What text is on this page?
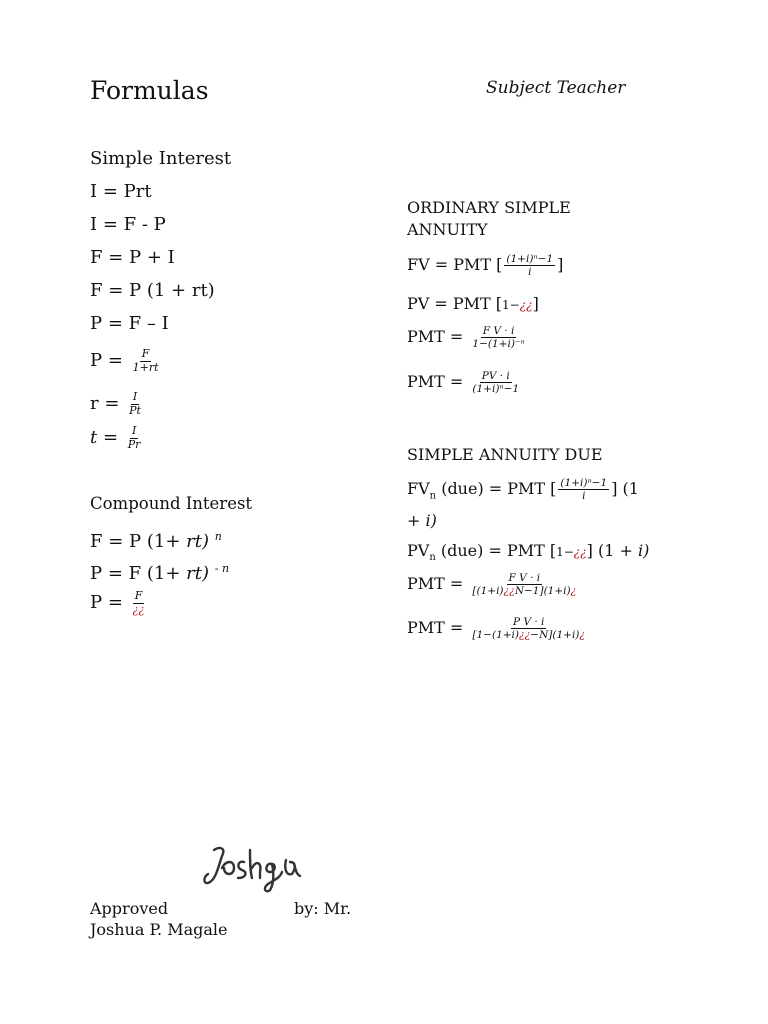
Formulas	Subject Teacher
Simple Interest
I = Prt
I = F - P
F = P + I
F = P (1 + rt)
P = F – I
$P = \frac{F}{1+rt}$
$r = \frac{I}{Pt}$
$t = \frac{I}{Pr}$
Compound Interest
F = P (1+ rt) $^n$
P = F (1+ rt) $^{- n}$
$P = \frac{F}{¿¿}$
ORDINARY SIMPLE
ANNUITY
FV = PMT [ $\frac{\text{(1+i)ⁿ−1}}{i}$ ]
PV = PMT [1−¿¿]
PMT = $\frac{\text{F V · i}}{\text{1−(1+i)⁻ⁿ}}$
PMT = $\frac{PV \cdot i}{\text{(1+i)ⁿ−1}}$
SIMPLE ANNUITY DUE
$FV_n$ (due) = PMT [ $\frac{\text{(1+i)ⁿ−1}}{i}$ ] (1
+ i)
$PV_n$ (due) = PMT [1−¿¿] (1 + i)
PMT = $\frac{\text{F V · i}}{[(1+i)¿¿N-1](1+i)¿}$
PMT = $\frac{\text{P V · i}}{[1-(1+i)¿¿-N](1+i)¿}$
Approved	by: Mr.
Joshua P. Magale
